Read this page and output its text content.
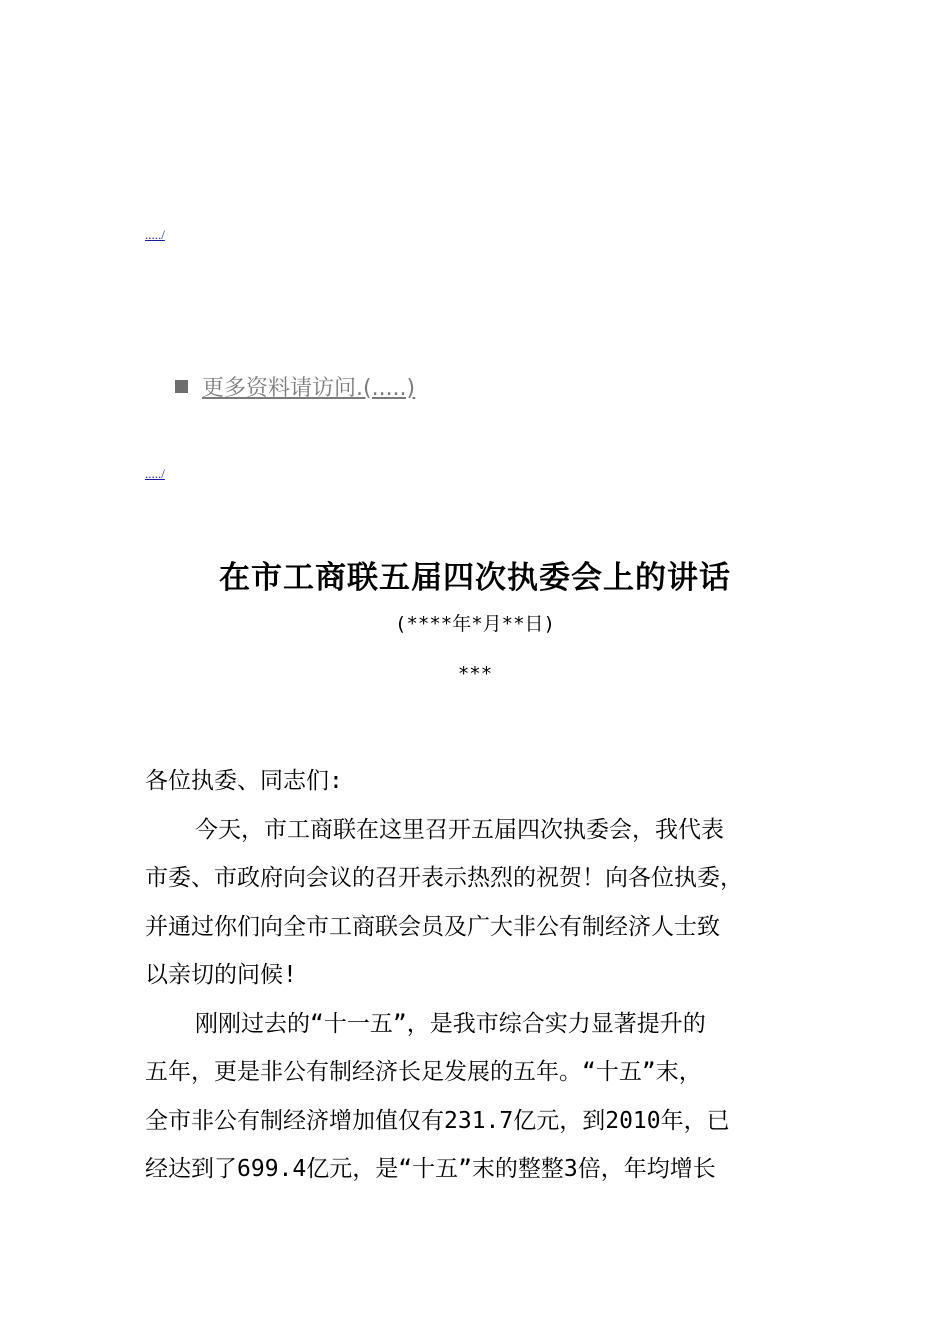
...../
更多资料请访问.(.....)
...../
在市工商联五届四次执委会上的讲话
(****年*月**日)
***

各位执委、同志们:

今天，市工商联在这里召开五届四次执委会，我代表

市委、市政府向会议的召开表示热烈的祝贺！向各位执委，

并通过你们向全市工商联会员及广大非公有制经济人士致

以亲切的问候!

刚刚过去的“十一五”，是我市综合实力显著提升的

五年，更是非公有制经济长足发展的五年。“十五”末，

全市非公有制经济增加值仅有231.7亿元，到2010年，已

经达到了699.4亿元，是“十五”末的整整3倍，年均增长
